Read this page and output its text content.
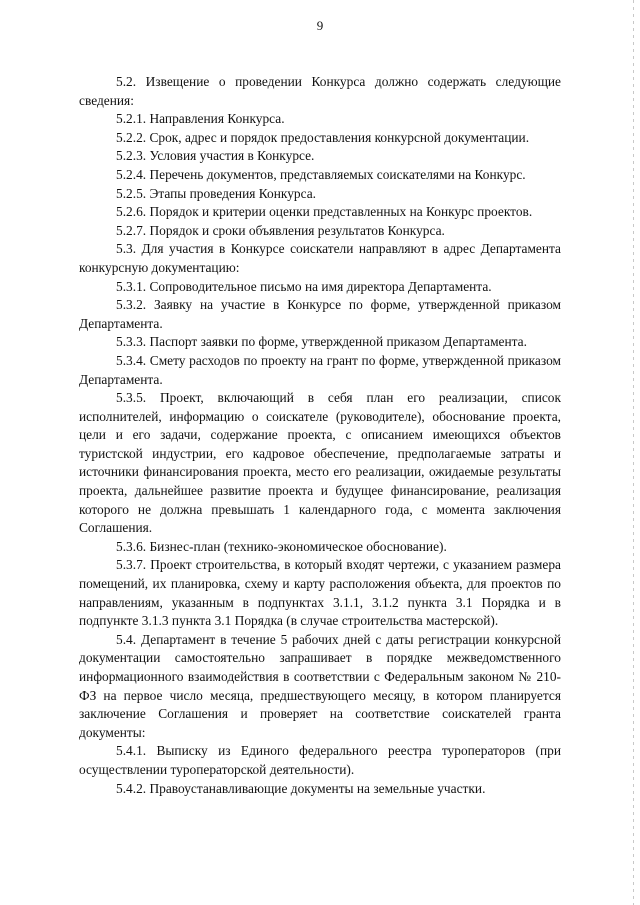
9

5.2. Извещение о проведении Конкурса должно содержать следующие сведения:

5.2.1. Направления Конкурса.

5.2.2. Срок, адрес и порядок предоставления конкурсной документации.

5.2.3. Условия участия в Конкурсе.

5.2.4. Перечень документов, представляемых соискателями на Конкурс.

5.2.5. Этапы проведения Конкурса.

5.2.6. Порядок и критерии оценки представленных на Конкурс проектов.

5.2.7. Порядок и сроки объявления результатов Конкурса.

5.3. Для участия в Конкурсе соискатели направляют в адрес Департамента конкурсную документацию:

5.3.1. Сопроводительное письмо на имя директора Департамента.

5.3.2. Заявку на участие в Конкурсе по форме, утвержденной приказом Департамента.

5.3.3. Паспорт заявки по форме, утвержденной приказом Департамента.

5.3.4. Смету расходов по проекту на грант по форме, утвержденной приказом Департамента.

5.3.5. Проект, включающий в себя план его реализации, список исполнителей, информацию о соискателе (руководителе), обоснование проекта, цели и его задачи, содержание проекта, с описанием имеющихся объектов туристской индустрии, его кадровое обеспечение, предполагаемые затраты и источники финансирования проекта, место его реализации, ожидаемые результаты проекта, дальнейшее развитие проекта и будущее финансирование, реализация которого не должна превышать 1 календарного года, с момента заключения Соглашения.

5.3.6. Бизнес-план (технико-экономическое обоснование).

5.3.7. Проект строительства, в который входят чертежи, с указанием размера помещений, их планировка, схему и карту расположения объекта, для проектов по направлениям, указанным в подпунктах 3.1.1, 3.1.2 пункта 3.1 Порядка и в подпункте 3.1.3 пункта 3.1 Порядка (в случае строительства мастерской).

5.4. Департамент в течение 5 рабочих дней с даты регистрации конкурсной документации самостоятельно запрашивает в порядке межведомственного информационного взаимодействия в соответствии с Федеральным законом № 210-ФЗ на первое число месяца, предшествующего месяцу, в котором планируется заключение Соглашения и проверяет на соответствие соискателей гранта документы:

5.4.1. Выписку из Единого федерального реестра туроператоров (при осуществлении туроператорской деятельности).

5.4.2. Правоустанавливающие документы на земельные участки.
